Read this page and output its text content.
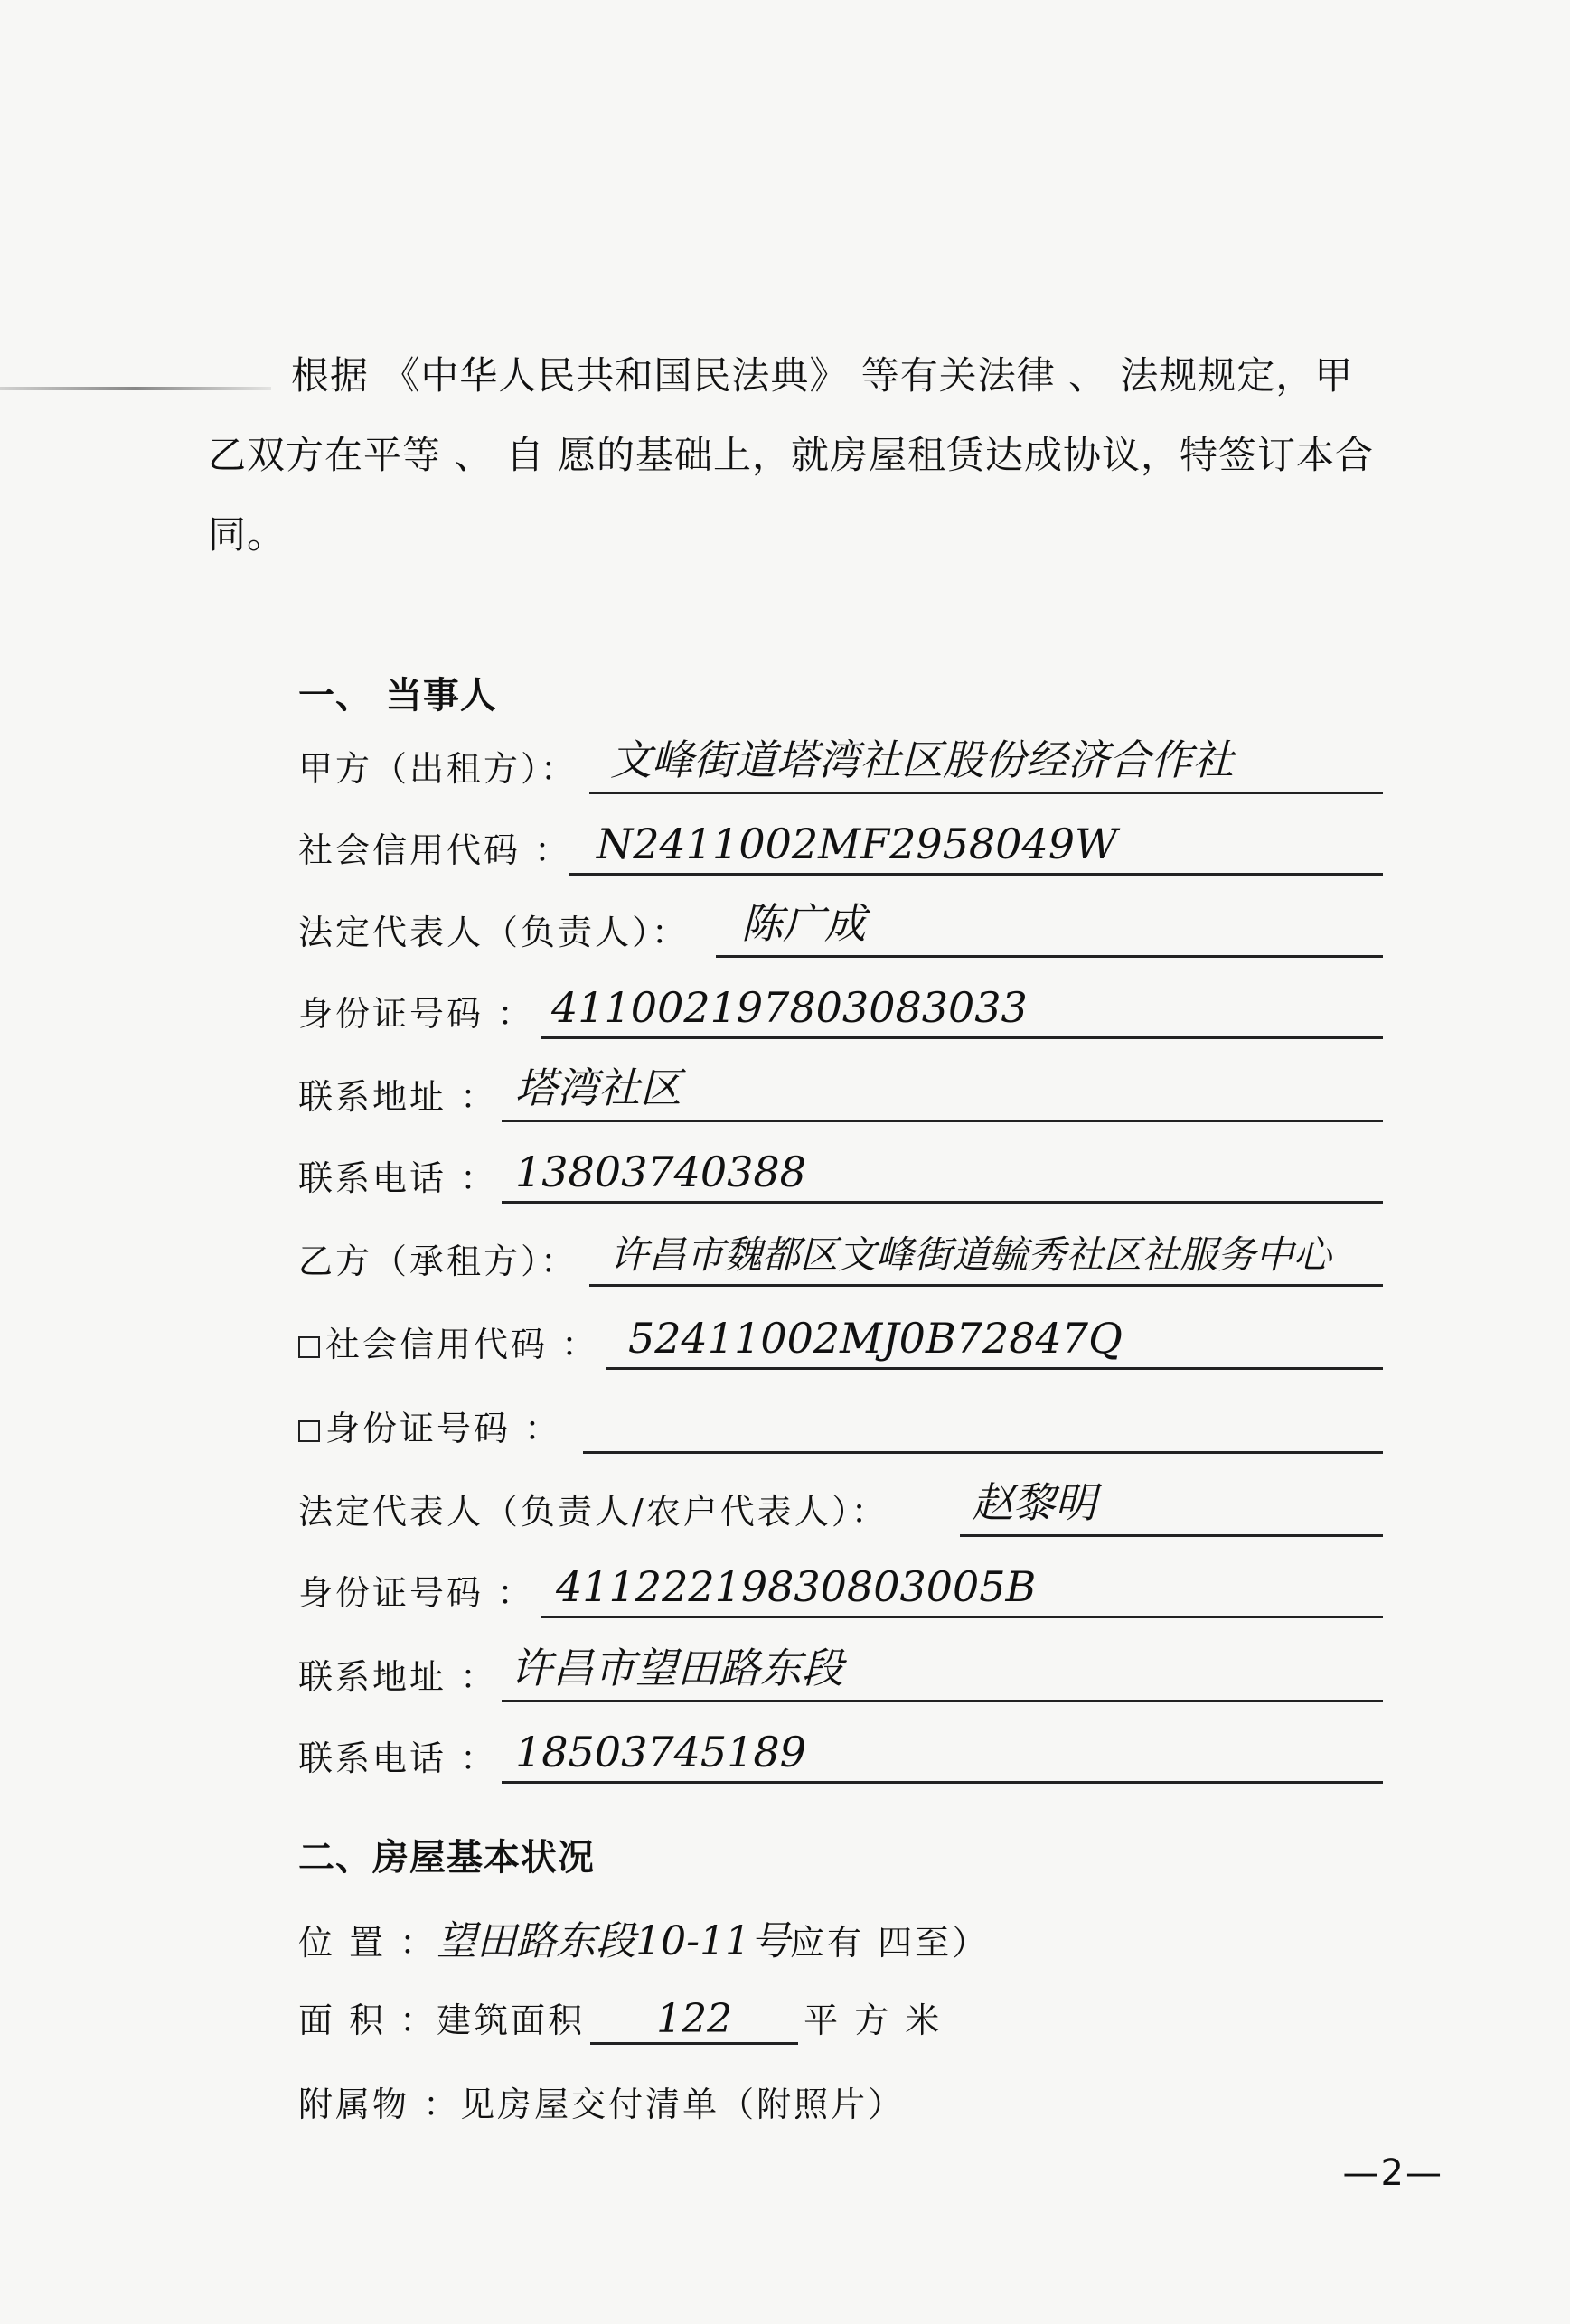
根据 《中华人民共和国民法典》 等有关法律 、 法规规定，甲乙双方在平等 、 自 愿的基础上，就房屋租赁达成协议，特签订本合同。
一、 当事人
甲方（出租方）： 文峰街道塔湾社区股份经济合作社
社会信用代码 ： N2411002MF2958049W
法定代表人（负责人）： 陈广成
身份证号码 ： 411002197803083033
联系地址 ： 塔湾社区
联系电话 ： 13803740388
乙方（承租方）： 许昌市魏都区文峰街道毓秀社区社服务中心
社会信用代码 ： 52411002MJ0B72847Q
身份证号码 ：
法定代表人（负责人/农户代表人）： 赵黎明
身份证号码 ： 41122219830803005B
联系地址 ： 许昌市望田路东段
联系电话 ： 18503745189
二、房屋基本状况
位 置 ：望田路东段10-11号应有 四至）
面 积 ：建筑面积 122 平 方 米
附属物 ：见房屋交付清单（附照片）
—2—
